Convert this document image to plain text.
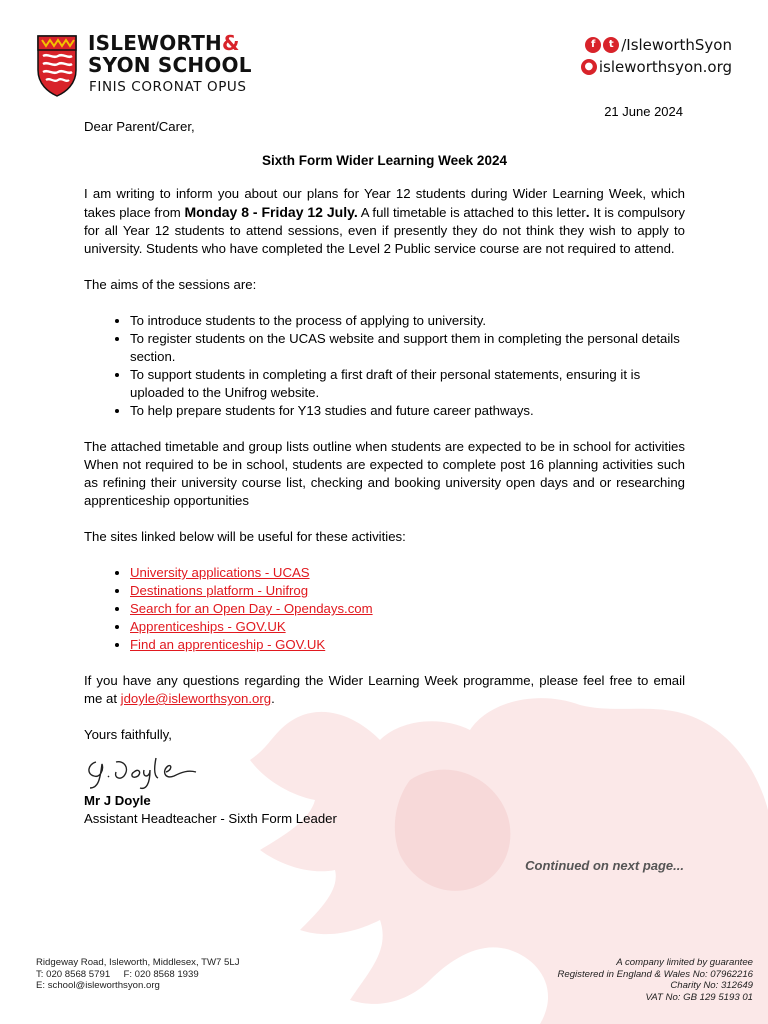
ISLEWORTH&
SYON SCHOOL
FINIS CORONAT OPUS
f	t /IsleworthSyon
● isleworthsyon.org
21 June 2024

Dear Parent/Carer,

Sixth Form Wider Learning Week 2024

I am writing to inform you about our plans for Year 12 students during Wider Learning Week, which takes place from Monday 8 - Friday 12 July. A full timetable is attached to this letter. It is compulsory for all Year 12 students to attend sessions, even if presently they do not think they wish to apply to university. Students who have completed the Level 2 Public service course are not required to attend.

The aims of the sessions are:

• To introduce students to the process of applying to university.
• To register students on the UCAS website and support them in completing the personal details section.
• To support students in completing a first draft of their personal statements, ensuring it is uploaded to the Unifrog website.
• To help prepare students for Y13 studies and future career pathways.

The attached timetable and group lists outline when students are expected to be in school for activities When not required to be in school, students are expected to complete post 16 planning activities such as refining their university course list, checking and booking university open days and or researching apprenticeship opportunities

The sites linked below will be useful for these activities:

• University applications - UCAS
• Destinations platform - Unifrog
• Search for an Open Day - Opendays.com
• Apprenticeships - GOV.UK
• Find an apprenticeship - GOV.UK

If you have any questions regarding the Wider Learning Week programme, please feel free to email me at jdoyle@isleworthsyon.org.

Yours faithfully,

Mr J Doyle

Assistant Headteacher - Sixth Form Leader

Continued on next page...
Ridgeway Road, Isleworth, Middlesex, TW7 5LJ
T: 020 8568 5791     F: 020 8568 1939
E: school@isleworthsyon.org
A company limited by guarantee
Registered in England & Wales No: 07962216
Charity No: 312649
VAT No: GB 129 5193 01
